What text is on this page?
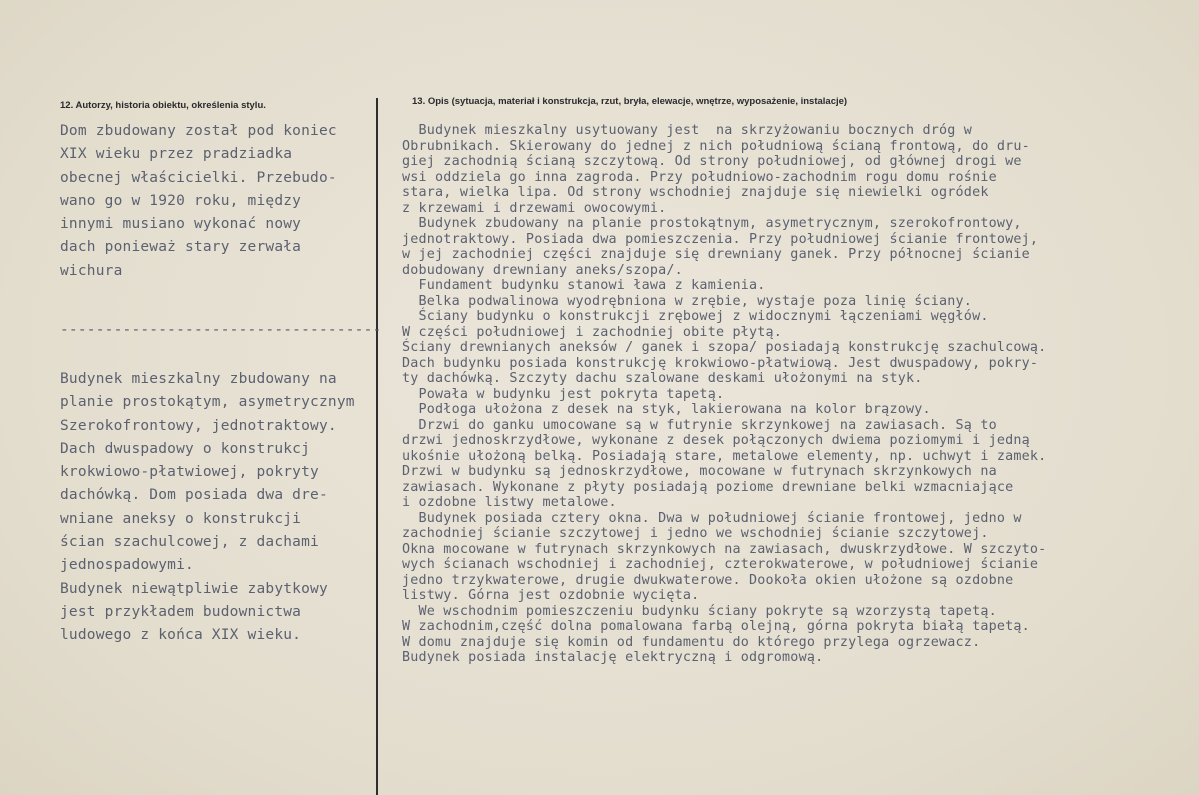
12. Autorzy, historia obiektu, określenia stylu.	13. Opis (sytuacja, materiał i konstrukcja, rzut, bryła, elewacje, wnętrze, wyposażenie, instalacje)
Dom zbudowany został pod koniec
XIX wieku przez pradziadka
obecnej właścicielki. Przebudo-
wano go w 1920 roku, między
innymi musiano wykonać nowy
dach ponieważ stary zerwała
wichura
------------------------------------
Budynek mieszkalny zbudowany na
planie prostokątym, asymetrycznym
Szerokofrontowy, jednotraktowy.
Dach dwuspadowy o konstrukcj
krokwiowo-płatwiowej, pokryty
dachówką. Dom posiada dwa dre-
wniane aneksy o konstrukcji
ścian szachulcowej, z dachami
jednospadowymi.
Budynek niewątpliwie zabytkowy
jest przykładem budownictwa
ludowego z końca XIX wieku.
Budynek mieszkalny usytuowany jest  na skrzyżowaniu bocznych dróg w
Obrubnikach. Skierowany do jednej z nich południową ścianą frontową, do dru-
giej zachodnią ścianą szczytową. Od strony południowej, od głównej drogi we
wsi oddziela go inna zagroda. Przy południowo-zachodnim rogu domu rośnie
stara, wielka lipa. Od strony wschodniej znajduje się niewielki ogródek
z krzewami i drzewami owocowymi.
Budynek zbudowany na planie prostokątnym, asymetrycznym, szerokofrontowy,
jednotraktowy. Posiada dwa pomieszczenia. Przy południowej ścianie frontowej,
w jej zachodniej części znajduje się drewniany ganek. Przy północnej ścianie
dobudowany drewniany aneks/szopa/.
Fundament budynku stanowi ława z kamienia.
Belka podwalinowa wyodrębniona w zrębie, wystaje poza linię ściany.
Ściany budynku o konstrukcji zrębowej z widocznymi łączeniami węgłów.
W części południowej i zachodniej obite płytą.
Ściany drewnianych aneksów / ganek i szopa/ posiadają konstrukcję szachulcową.
Dach budynku posiada konstrukcję krokwiowo-płatwiową. Jest dwuspadowy, pokry-
ty dachówką. Szczyty dachu szalowane deskami ułożonymi na styk.
Powała w budynku jest pokryta tapetą.
Podłoga ułożona z desek na styk, lakierowana na kolor brązowy.
Drzwi do ganku umocowane są w futrynie skrzynkowej na zawiasach. Są to
drzwi jednoskrzydłowe, wykonane z desek połączonych dwiema poziomymi i jedną
ukośnie ułożoną belką. Posiadają stare, metalowe elementy, np. uchwyt i zamek.
Drzwi w budynku są jednoskrzydłowe, mocowane w futrynach skrzynkowych na
zawiasach. Wykonane z płyty posiadają poziome drewniane belki wzmacniające
i ozdobne listwy metalowe.
Budynek posiada cztery okna. Dwa w południowej ścianie frontowej, jedno w
zachodniej ścianie szczytowej i jedno we wschodniej ścianie szczytowej.
Okna mocowane w futrynach skrzynkowych na zawiasach, dwuskrzydłowe. W szczyto-
wych ścianach wschodniej i zachodniej, czterokwaterowe, w południowej ścianie
jedno trzykwaterowe, drugie dwukwaterowe. Dookoła okien ułożone są ozdobne
listwy. Górna jest ozdobnie wycięta.
We wschodnim pomieszczeniu budynku ściany pokryte są wzorzystą tapetą.
W zachodnim,część dolna pomalowana farbą olejną, górna pokryta białą tapetą.
W domu znajduje się komin od fundamentu do którego przylega ogrzewacz.
Budynek posiada instalację elektryczną i odgromową.
